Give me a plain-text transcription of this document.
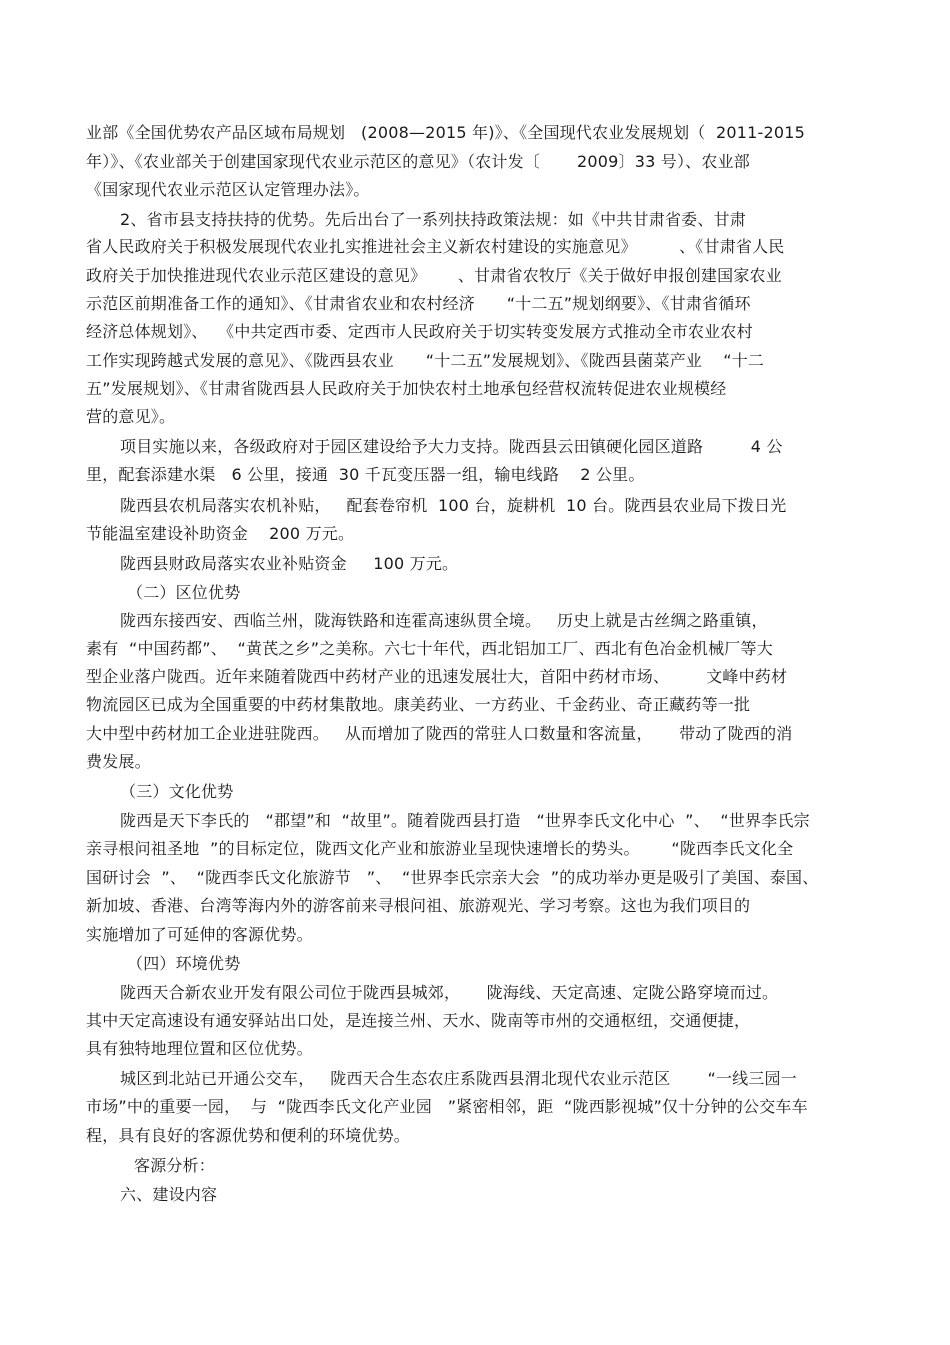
业部《全国优势农产品区域布局规划   (2008—2015 年)》、《全国现代农业发展规划（  2011-2015
年）》、《农业部关于创建国家现代农业示范区的意见》（农计发〔       2009〕33 号）、农业部
《国家现代农业示范区认定管理办法》。
2、省市县支持扶持的优势。先后出台了一系列扶持政策法规：如《中共甘肃省委、甘肃
省人民政府关于积极发展现代农业扎实推进社会主义新农村建设的实施意见》        、《甘肃省人民
政府关于加快推进现代农业示范区建设的意见》      、甘肃省农牧厅《关于做好申报创建国家农业
示范区前期准备工作的通知》、《甘肃省农业和农村经济      “十二五”规划纲要》、《甘肃省循环
经济总体规划》、  《中共定西市委、定西市人民政府关于切实转变发展方式推动全市农业农村
工作实现跨越式发展的意见》、《陇西县农业      “十二五”发展规划》、《陇西县菌菜产业    “十二
五”发展规划》、《甘肃省陇西县人民政府关于加快农村土地承包经营权流转促进农业规模经
营的意见》。
项目实施以来，各级政府对于园区建设给予大力支持。陇西县云田镇硬化园区道路         4 公
里，配套添建水渠   6 公里，接通  30 千瓦变压器一组，输电线路    2 公里。
陇西县农机局落实农机补贴，   配套卷帘机  100 台，旋耕机  10 台。陇西县农业局下拨日光
节能温室建设补助资金    200 万元。
陇西县财政局落实农业补贴资金     100 万元。
（二）区位优势
陇西东接西安、西临兰州，陇海铁路和连霍高速纵贯全境。   历史上就是古丝绸之路重镇，
素有  “中国药都”、  “黄芪之乡”之美称。六七十年代，西北铝加工厂、西北有色冶金机械厂等大
型企业落户陇西。近年来随着陇西中药材产业的迅速发展壮大，首阳中药材市场、       文峰中药材
物流园区已成为全国重要的中药材集散地。康美药业、一方药业、千金药业、奇正藏药等一批
大中型中药材加工企业进驻陇西。   从而增加了陇西的常驻人口数量和客流量，     带动了陇西的消
费发展。
（三）文化优势
陇西是天下李氏的   “郡望”和  “故里”。随着陇西县打造   “世界李氏文化中心  ”、  “世界李氏宗
亲寻根问祖圣地  ”的目标定位，陇西文化产业和旅游业呈现快速增长的势头。      “陇西李氏文化全
国研讨会  ”、  “陇西李氏文化旅游节   ”、  “世界李氏宗亲大会  ”的成功举办更是吸引了美国、泰国、
新加坡、香港、台湾等海内外的游客前来寻根问祖、旅游观光、学习考察。这也为我们项目的
实施增加了可延伸的客源优势。
（四）环境优势
陇西天合新农业开发有限公司位于陇西县城郊，     陇海线、天定高速、定陇公路穿境而过。
其中天定高速设有通安驿站出口处，是连接兰州、天水、陇南等市州的交通枢纽，交通便捷，
具有独特地理位置和区位优势。
城区到北站已开通公交车，   陇西天合生态农庄系陇西县渭北现代农业示范区       “一线三园一
市场”中的重要一园，  与  “陇西李氏文化产业园   ”紧密相邻，距  “陇西影视城”仅十分钟的公交车车
程，具有良好的客源优势和便利的环境优势。
客源分析：
六、建设内容
